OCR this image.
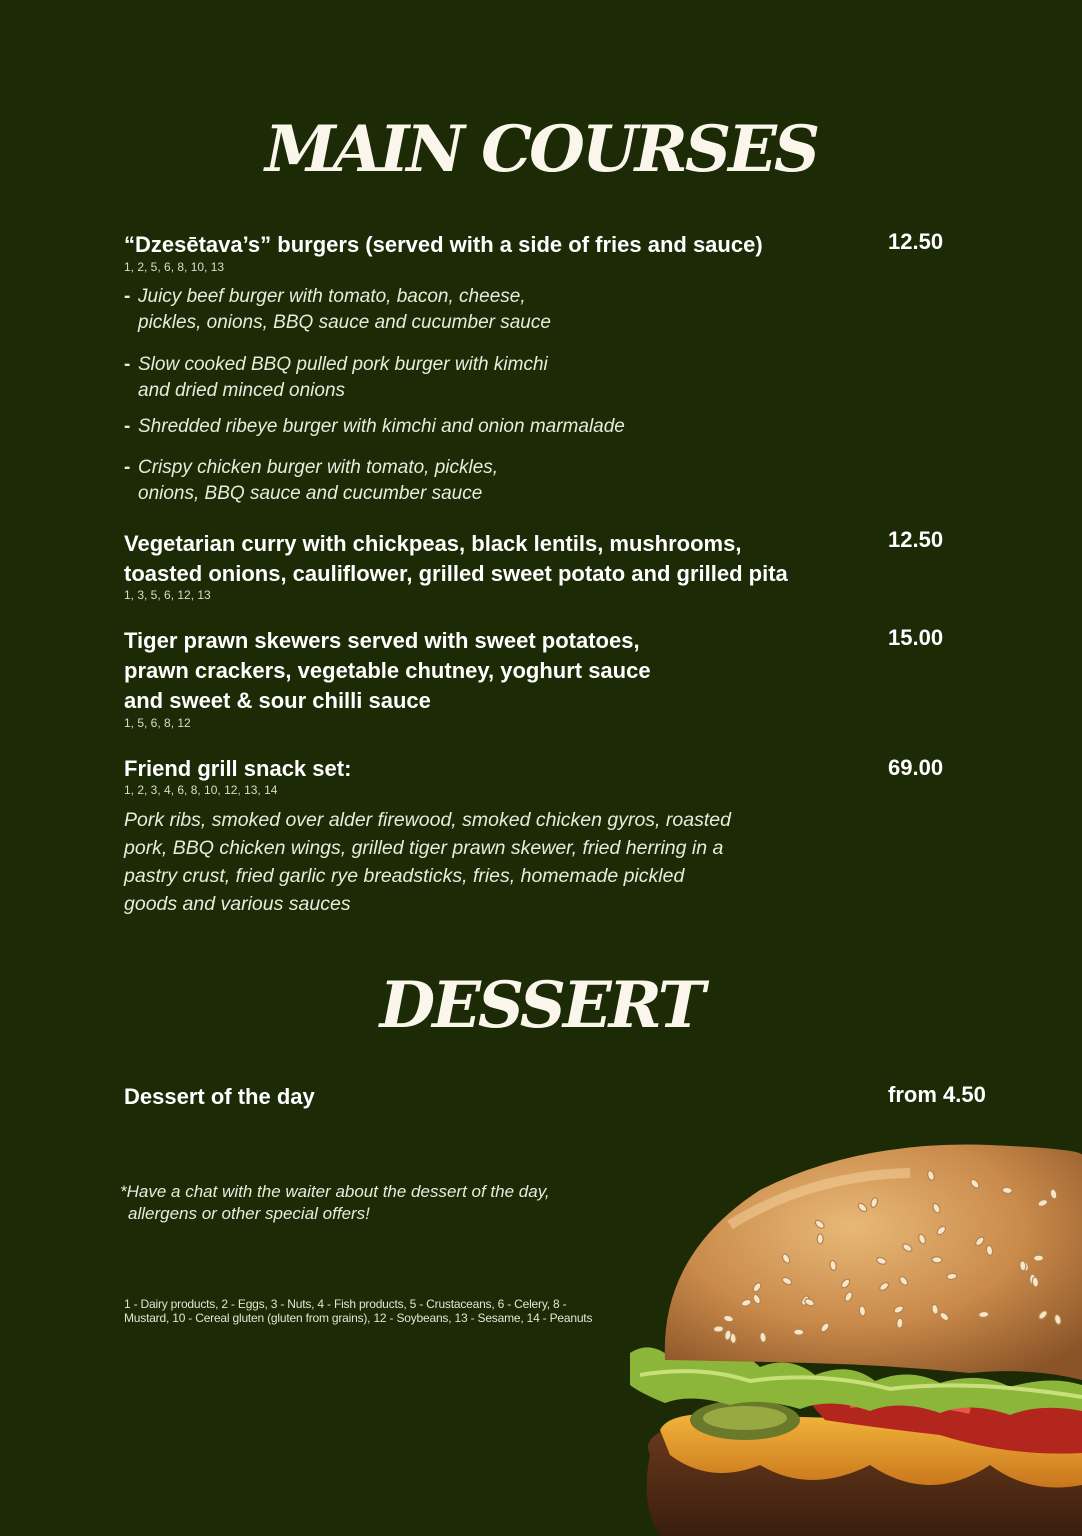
MAIN COURSES
“Dzesētava’s” burgers (served with a side of fries and sauce)	12.50
1, 2, 5, 6, 8, 10, 13
- Juicy beef burger with tomato, bacon, cheese,
pickles, onions, BBQ sauce and cucumber sauce
- Slow cooked BBQ pulled pork burger with kimchi
and dried minced onions
- Shredded ribeye burger with kimchi and onion marmalade
- Crispy chicken burger with tomato, pickles,
onions, BBQ sauce and cucumber sauce
Vegetarian curry with chickpeas, black lentils, mushrooms,
toasted onions, cauliflower, grilled sweet potato and grilled pita
12.50
1, 3, 5, 6, 12, 13
Tiger prawn skewers served with sweet potatoes,
prawn crackers, vegetable chutney, yoghurt sauce
and sweet & sour chilli sauce
15.00
1, 5, 6, 8, 12
Friend grill snack set:	69.00
1, 2, 3, 4, 6, 8, 10, 12, 13, 14
Pork ribs, smoked over alder firewood, smoked chicken gyros, roasted
pork, BBQ chicken wings, grilled tiger prawn skewer, fried herring in a
pastry crust, fried garlic rye breadsticks, fries, homemade pickled
goods and various sauces
DESSERT
Dessert of the day	from 4.50
*Have a chat with the waiter about the dessert of the day,
allergens or other special offers!
1 - Dairy products, 2 - Eggs, 3 - Nuts, 4 - Fish products, 5 - Crustaceans, 6 - Celery, 8 -
Mustard, 10 - Cereal gluten (gluten from grains), 12 - Soybeans, 13 - Sesame, 14 - Peanuts
